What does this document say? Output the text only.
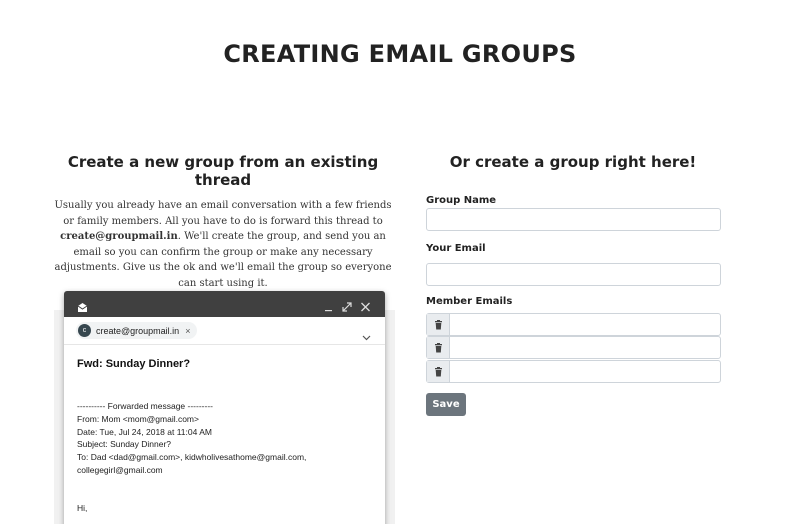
CREATING EMAIL GROUPS
Create a new group from an existing thread
Usually you already have an email conversation with a few friends or family members. All you have to do is forward this thread to create@groupmail.in. We'll create the group, and send you an email so you can confirm the group or make any necessary adjustments. Give us the ok and we'll email the group so everyone can start using it.
c	create@groupmail.in ×
Fwd: Sunday Dinner?
---------- Forwarded message ---------
From: Mom <mom@gmail.com>
Date: Tue, Jul 24, 2018 at 11:04 AM
Subject: Sunday Dinner?
To: Dad <dad@gmail.com>, kidwholivesathome@gmail.com,
collegegirl@gmail.com
Hi,
Or create a group right here!
Group Name
Your Email
Member Emails
Save
